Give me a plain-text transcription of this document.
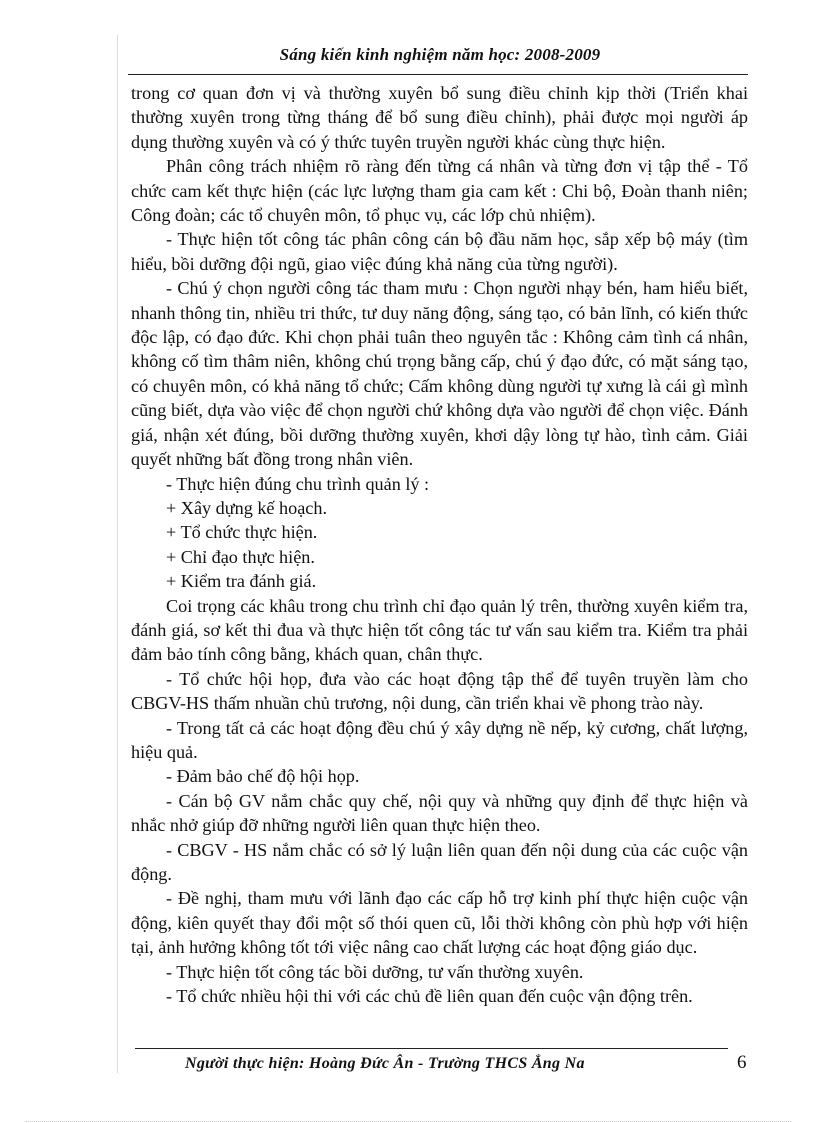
Sáng kiến kinh nghiệm năm học: 2008-2009

trong cơ quan đơn vị và thường xuyên bổ sung điều chỉnh kịp thời (Triển khai thường xuyên trong từng tháng để bổ sung điều chỉnh), phải được mọi người áp dụng thường xuyên và có ý thức tuyên truyền người khác cùng thực hiện.

Phân công trách nhiệm rõ ràng đến từng cá nhân và từng đơn vị tập thể - Tổ chức cam kết thực hiện (các lực lượng tham gia cam kết : Chi bộ, Đoàn thanh niên; Công đoàn; các tổ chuyên môn, tổ phục vụ, các lớp chủ nhiệm).

- Thực hiện tốt công tác phân công cán bộ đầu năm học, sắp xếp bộ máy (tìm hiểu, bồi dưỡng đội ngũ, giao việc đúng khả năng của từng người).

- Chú ý chọn người công tác tham mưu : Chọn người nhạy bén, ham hiểu biết, nhanh thông tin, nhiều tri thức, tư duy năng động, sáng tạo, có bản lĩnh, có kiến thức độc lập, có đạo đức. Khi chọn phải tuân theo nguyên tắc : Không cảm tình cá nhân, không cố tìm thâm niên, không chú trọng bằng cấp, chú ý đạo đức, có mặt sáng tạo, có chuyên môn, có khả năng tổ chức; Cấm không dùng người tự xưng là cái gì mình cũng biết, dựa vào việc để chọn người chứ không dựa vào người để chọn việc. Đánh giá, nhận xét đúng, bồi dưỡng thường xuyên, khơi dậy lòng tự hào, tình cảm. Giải quyết những bất đồng trong nhân viên.

- Thực hiện đúng chu trình quản lý :

+ Xây dựng kế hoạch.

+ Tổ chức thực hiện.

+ Chỉ đạo thực hiện.

+ Kiểm tra đánh giá.

Coi trọng các khâu trong chu trình chỉ đạo quản lý trên, thường xuyên kiểm tra, đánh giá, sơ kết thi đua và thực hiện tốt công tác tư vấn sau kiểm tra. Kiểm tra phải đảm bảo tính công bằng, khách quan, chân thực.

- Tổ chức hội họp, đưa vào các hoạt động tập thể để tuyên truyền làm cho CBGV-HS thấm nhuần chủ trương, nội dung, cần triển khai về phong trào này.

- Trong tất cả các hoạt động đều chú ý xây dựng nề nếp, kỷ cương, chất lượng, hiệu quả.

- Đảm bảo chế độ hội họp.

- Cán bộ GV nắm chắc quy chế, nội quy và những quy định để thực hiện và nhắc nhở giúp đỡ những người liên quan thực hiện theo.

- CBGV - HS nắm chắc có sở lý luận liên quan đến nội dung của các cuộc vận động.

- Đề nghị, tham mưu với lãnh đạo các cấp hỗ trợ kinh phí thực hiện cuộc vận động, kiên quyết thay đổi một số thói quen cũ, lỗi thời không còn phù hợp với hiện tại, ảnh hưởng không tốt tới việc nâng cao chất lượng các hoạt động giáo dục.

- Thực hiện tốt công tác bồi dưỡng, tư vấn thường xuyên.

- Tổ chức nhiều hội thi với các chủ đề liên quan đến cuộc vận động trên.

Người thực hiện: Hoàng Đức Ân - Trường THCS Ẳng Na	6
